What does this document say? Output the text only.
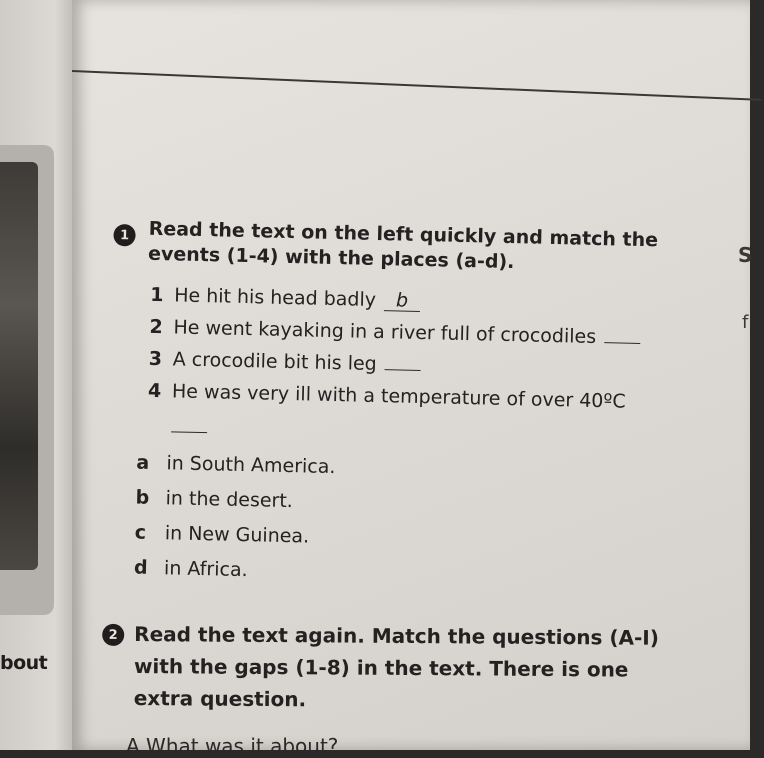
bout
1	Read the text on the left quickly and match the
events (1-4) with the places (a-d).
1 He hit his head badly	b
2 He went kayaking in a river full of crocodiles
3 A crocodile bit his leg
4 He was very ill with a temperature of over 40ºC
a in South America.
b in the desert.
c in New Guinea.
d in Africa.
2 Read the text again. Match the questions (A-I)
with the gaps (1-8) in the text. There is one
extra question.
A What was it about?
S
f
